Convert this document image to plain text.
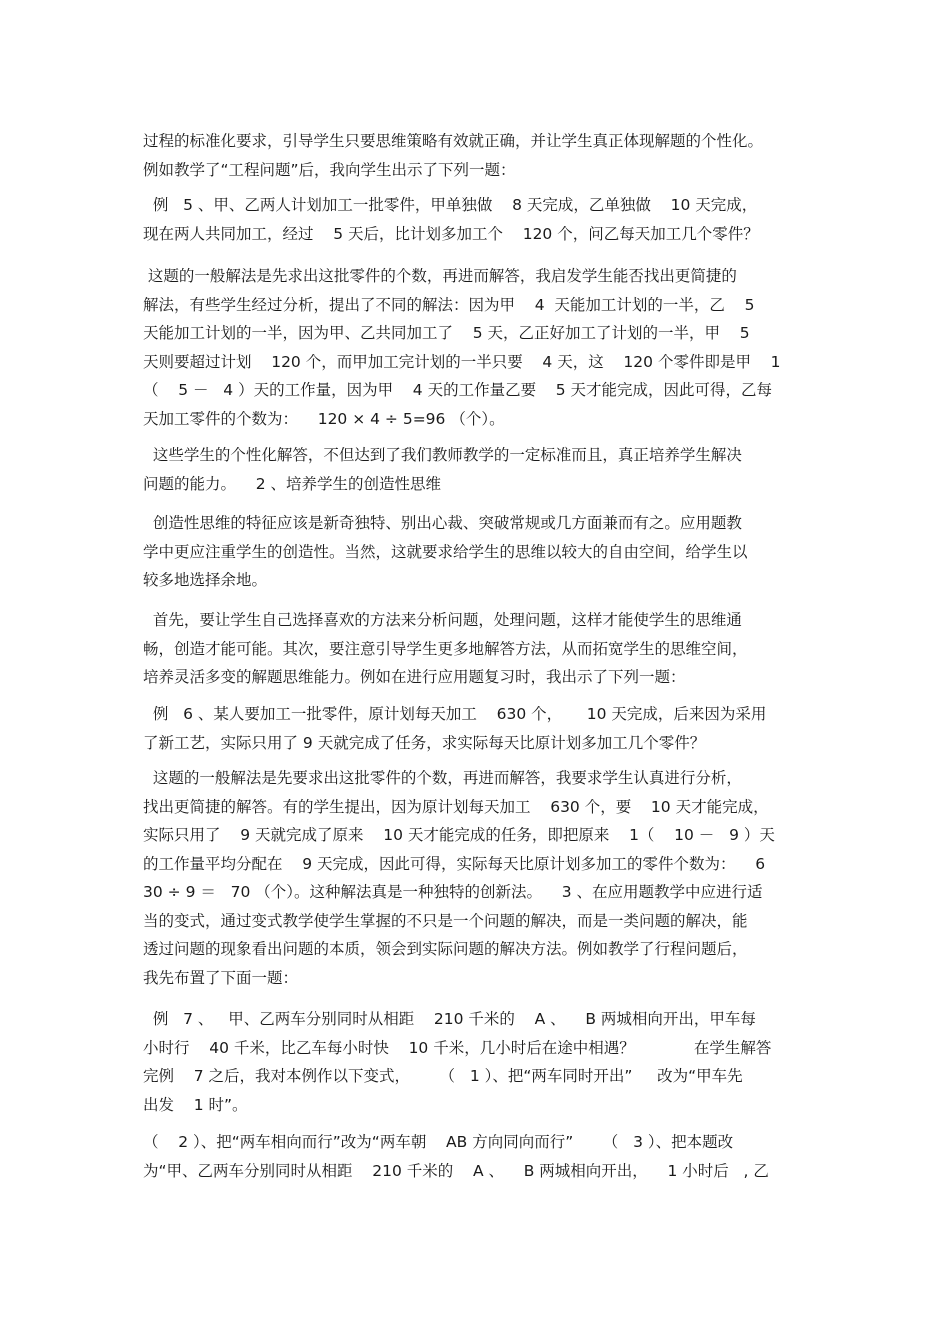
过程的标准化要求，引导学生只要思维策略有效就正确，并让学生真正体现解题的个性化。
例如教学了“工程问题”后，我向学生出示了下列一题：
例   5 、甲、乙两人计划加工一批零件，甲单独做    8 天完成，乙单独做    10 天完成，
现在两人共同加工，经过    5 天后，比计划多加工个    120 个，问乙每天加工几个零件？
这题的一般解法是先求出这批零件的个数，再进而解答，我启发学生能否找出更简捷的
解法，有些学生经过分析，提出了不同的解法：因为甲    4  天能加工计划的一半，乙    5
天能加工计划的一半，因为甲、乙共同加工了    5 天，乙正好加工了计划的一半，甲    5
天则要超过计划    120 个，而甲加工完计划的一半只要    4 天，这    120 个零件即是甲    1
（    5 －   4 ）天的工作量，因为甲    4 天的工作量乙要    5 天才能完成，因此可得，乙每
天加工零件的个数为：    120 × 4 ÷ 5=96 （个）。
这些学生的个性化解答，不但达到了我们教师教学的一定标准而且，真正培养学生解决
问题的能力。    2 、培养学生的创造性思维
创造性思维的特征应该是新奇独特、别出心裁、突破常规或几方面兼而有之。应用题教
学中更应注重学生的创造性。当然，这就要求给学生的思维以较大的自由空间，给学生以
较多地选择余地。
首先，要让学生自己选择喜欢的方法来分析问题，处理问题，这样才能使学生的思维通
畅，创造才能可能。其次，要注意引导学生更多地解答方法，从而拓宽学生的思维空间，
培养灵活多变的解题思维能力。例如在进行应用题复习时，我出示了下列一题：
例   6 、某人要加工一批零件，原计划每天加工    630 个，     10 天完成，后来因为采用
了新工艺，实际只用了 9 天就完成了任务，求实际每天比原计划多加工几个零件？
这题的一般解法是先要求出这批零件的个数，再进而解答，我要求学生认真进行分析，
找出更简捷的解答。有的学生提出，因为原计划每天加工    630 个，要    10 天才能完成，
实际只用了    9 天就完成了原来    10 天才能完成的任务，即把原来    1（    10 －   9 ）天
的工作量平均分配在    9 天完成，因此可得，实际每天比原计划多加工的零件个数为：    6
30 ÷ 9 ＝   70 （个）。这种解法真是一种独特的创新法。    3 、在应用题教学中应进行适
当的变式，通过变式教学使学生掌握的不只是一个问题的解决，而是一类问题的解决，能
透过问题的现象看出问题的本质，领会到实际问题的解决方法。例如教学了行程问题后，
我先布置了下面一题：
例   7 、   甲、乙两车分别同时从相距    210 千米的    A 、    B 两城相向开出，甲车每
小时行    40 千米，比乙车每小时快    10 千米，几小时后在途中相遇？            在学生解答
完例    7 之后，我对本例作以下变式，      （   1 ）、把“两车同时开出”     改为“甲车先
出发    1 时”。
（    2 ）、把“两车相向而行”改为“两车朝    AB 方向同向而行”      （   3 ）、把本题改
为“甲、乙两车分别同时从相距    210 千米的    A 、    B 两城相向开出，    1 小时后   , 乙
